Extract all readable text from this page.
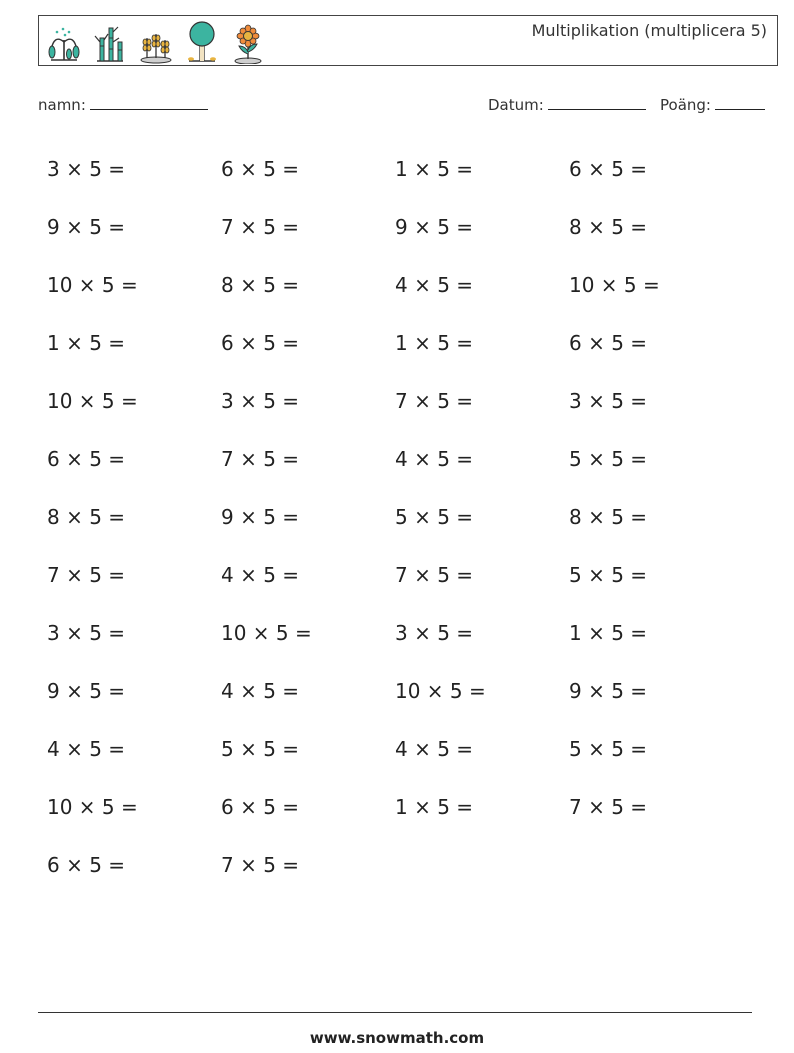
Multiplikation (multiplicera 5)
namn:	Datum:	Poäng:
3 × 5 =	6 × 5 =	1 × 5 =	6 × 5 =
9 × 5 =	7 × 5 =	9 × 5 =	8 × 5 =
10 × 5 =	8 × 5 =	4 × 5 =	10 × 5 =
1 × 5 =	6 × 5 =	1 × 5 =	6 × 5 =
10 × 5 =	3 × 5 =	7 × 5 =	3 × 5 =
6 × 5 =	7 × 5 =	4 × 5 =	5 × 5 =
8 × 5 =	9 × 5 =	5 × 5 =	8 × 5 =
7 × 5 =	4 × 5 =	7 × 5 =	5 × 5 =
3 × 5 =	10 × 5 =	3 × 5 =	1 × 5 =
9 × 5 =	4 × 5 =	10 × 5 =	9 × 5 =
4 × 5 =	5 × 5 =	4 × 5 =	5 × 5 =
10 × 5 =	6 × 5 =	1 × 5 =	7 × 5 =
6 × 5 =	7 × 5 =
www.snowmath.com
